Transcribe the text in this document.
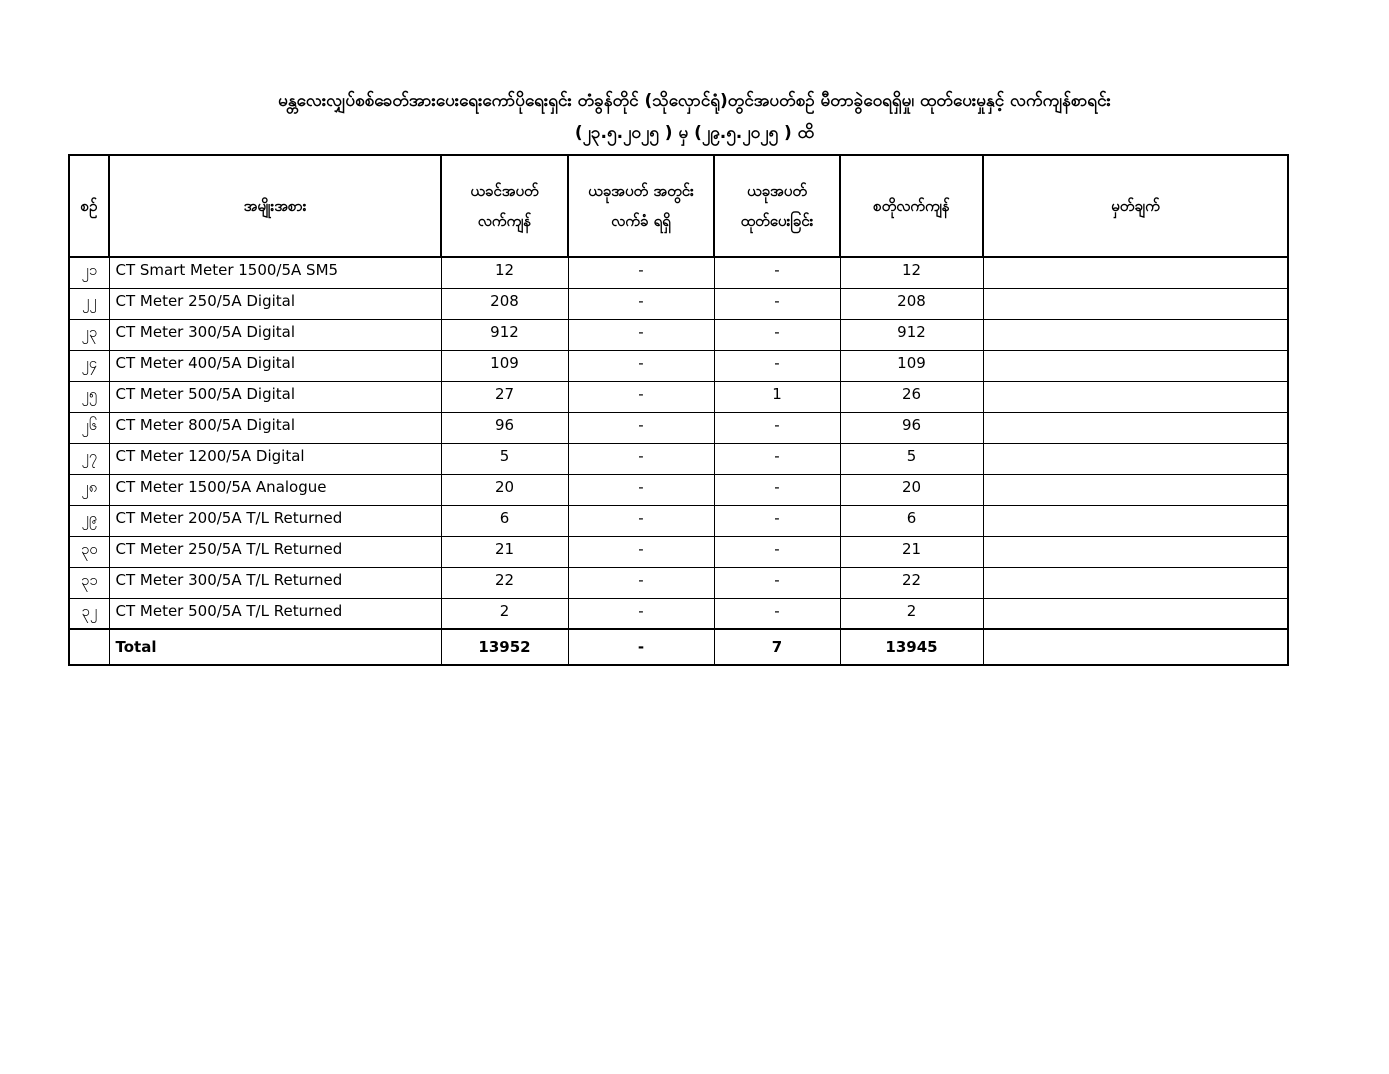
မန္တလေးလျှပ်စစ်ခေတ်အားပေးရေးကော်ပိုရေးရှင်း တံခွန်တိုင် (သိုလှောင်ရုံ)တွင်အပတ်စဉ် မီတာခွဲဝေရရှိမှု၊ ထုတ်ပေးမှုနှင့် လက်ကျန်စာရင်း
(၂၃.၅.၂၀၂၅ ) မှ (၂၉.၅.၂၀၂၅ ) ထိ
စဉ်	အမျိုးအစား	ယခင်အပတ် လက်ကျန်	ယခုအပတ် အတွင်းလက်ခံ ရရှိ	ယခုအပတ် ထုတ်ပေးခြင်း	စတိုလက်ကျန်	မှတ်ချက်
၂၁	CT Smart Meter 1500/5A SM5	12	-	-	12	
၂၂	CT Meter 250/5A Digital	208	-	-	208	
၂၃	CT Meter 300/5A Digital	912	-	-	912	
၂၄	CT Meter 400/5A Digital	109	-	-	109	
၂၅	CT Meter 500/5A Digital	27	-	1	26	
၂၆	CT Meter 800/5A Digital	96	-	-	96	
၂၇	CT Meter 1200/5A Digital	5	-	-	5	
၂၈	CT Meter 1500/5A Analogue	20	-	-	20	
၂၉	CT Meter 200/5A T/L Returned	6	-	-	6	
၃၀	CT Meter 250/5A T/L Returned	21	-	-	21	
၃၁	CT Meter 300/5A T/L Returned	22	-	-	22	
၃၂	CT Meter 500/5A T/L Returned	2	-	-	2	
	Total	13952	-	7	13945	
